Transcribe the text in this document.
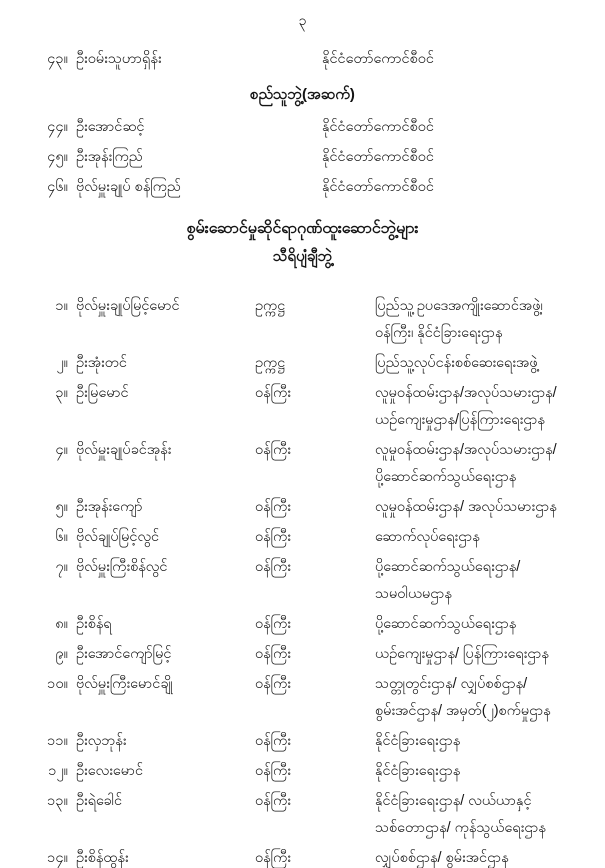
၃
၄၃။ ဦးဝမ်းသူဟာရှိန်း	နိုင်ငံတော်ကောင်စီဝင်
စည်သူဘွဲ့(အဆက်)
၄၄။ ဦးအောင်ဆင့်	နိုင်ငံတော်ကောင်စီဝင်
၄၅။ ဦးအုန်းကြည်	နိုင်ငံတော်ကောင်စီဝင်
၄၆။ ဗိုလ်မှူးချုပ် စန်ကြည်	နိုင်ငံတော်ကောင်စီဝင်
စွမ်းဆောင်မှုဆိုင်ရာဂုဏ်ထူးဆောင်ဘွဲ့များ
သီရိပျံချီဘွဲ့
၁။ ဗိုလ်မှူးချုပ်မြင့်မောင်	ဥက္ကဋ္ဌ	ပြည်သူ့ဥပဒေအကျိုးဆောင်အဖွဲ့၊
ဝန်ကြီး၊ နိုင်ငံခြားရေးဌာန
၂။ ဦးအုံးတင်	ဥက္ကဋ္ဌ	ပြည်သူ့လုပ်ငန်းစစ်ဆေးရေးအဖွဲ့
၃။ ဦးမြမောင်	ဝန်ကြီး	လူမှုဝန်ထမ်းဌာန/အလုပ်သမားဌာန/
ယဉ်ကျေးမှုဌာန/ပြန်ကြားရေးဌာန
၄။ ဗိုလ်မှူးချုပ်ခင်အုန်း	ဝန်ကြီး	လူမှုဝန်ထမ်းဌာန/အလုပ်သမားဌာန/
ပို့ဆောင်ဆက်သွယ်ရေးဌာန
၅။ ဦးအုန်းကျော်	ဝန်ကြီး	လူမှုဝန်ထမ်းဌာန/ အလုပ်သမားဌာန
၆။ ဗိုလ်ချုပ်မြင့်လွင်	ဝန်ကြီး	ဆောက်လုပ်ရေးဌာန
၇။ ဗိုလ်မှူးကြီးစိန်လွင်	ဝန်ကြီး	ပို့ဆောင်ဆက်သွယ်ရေးဌာန/
သမဝါယမဌာန
၈။ ဦးစိန်ရ	ဝန်ကြီး	ပို့ဆောင်ဆက်သွယ်ရေးဌာန
၉။ ဦးအောင်ကျော်မြင့်	ဝန်ကြီး	ယဉ်ကျေးမှုဌာန/ ပြန်ကြားရေးဌာန
၁၀။ ဗိုလ်မှူးကြီးမောင်ချို	ဝန်ကြီး	သတ္တုတွင်းဌာန/ လျှပ်စစ်ဌာန/
စွမ်းအင်ဌာန/ အမှတ်(၂)စက်မှုဌာန
၁၁။ ဦးလှဘုန်း	ဝန်ကြီး	နိုင်ငံခြားရေးဌာန
၁၂။ ဦးလေးမောင်	ဝန်ကြီး	နိုင်ငံခြားရေးဌာန
၁၃။ ဦးရဲခေါင်	ဝန်ကြီး	နိုင်ငံခြားရေးဌာန/ လယ်ယာနှင့်
သစ်တောဌာန/ ကုန်သွယ်ရေးဌာန
၁၄။ ဦးစိန်ထွန်း	ဝန်ကြီး	လျှပ်စစ်ဌာန/ စွမ်းအင်ဌာန
